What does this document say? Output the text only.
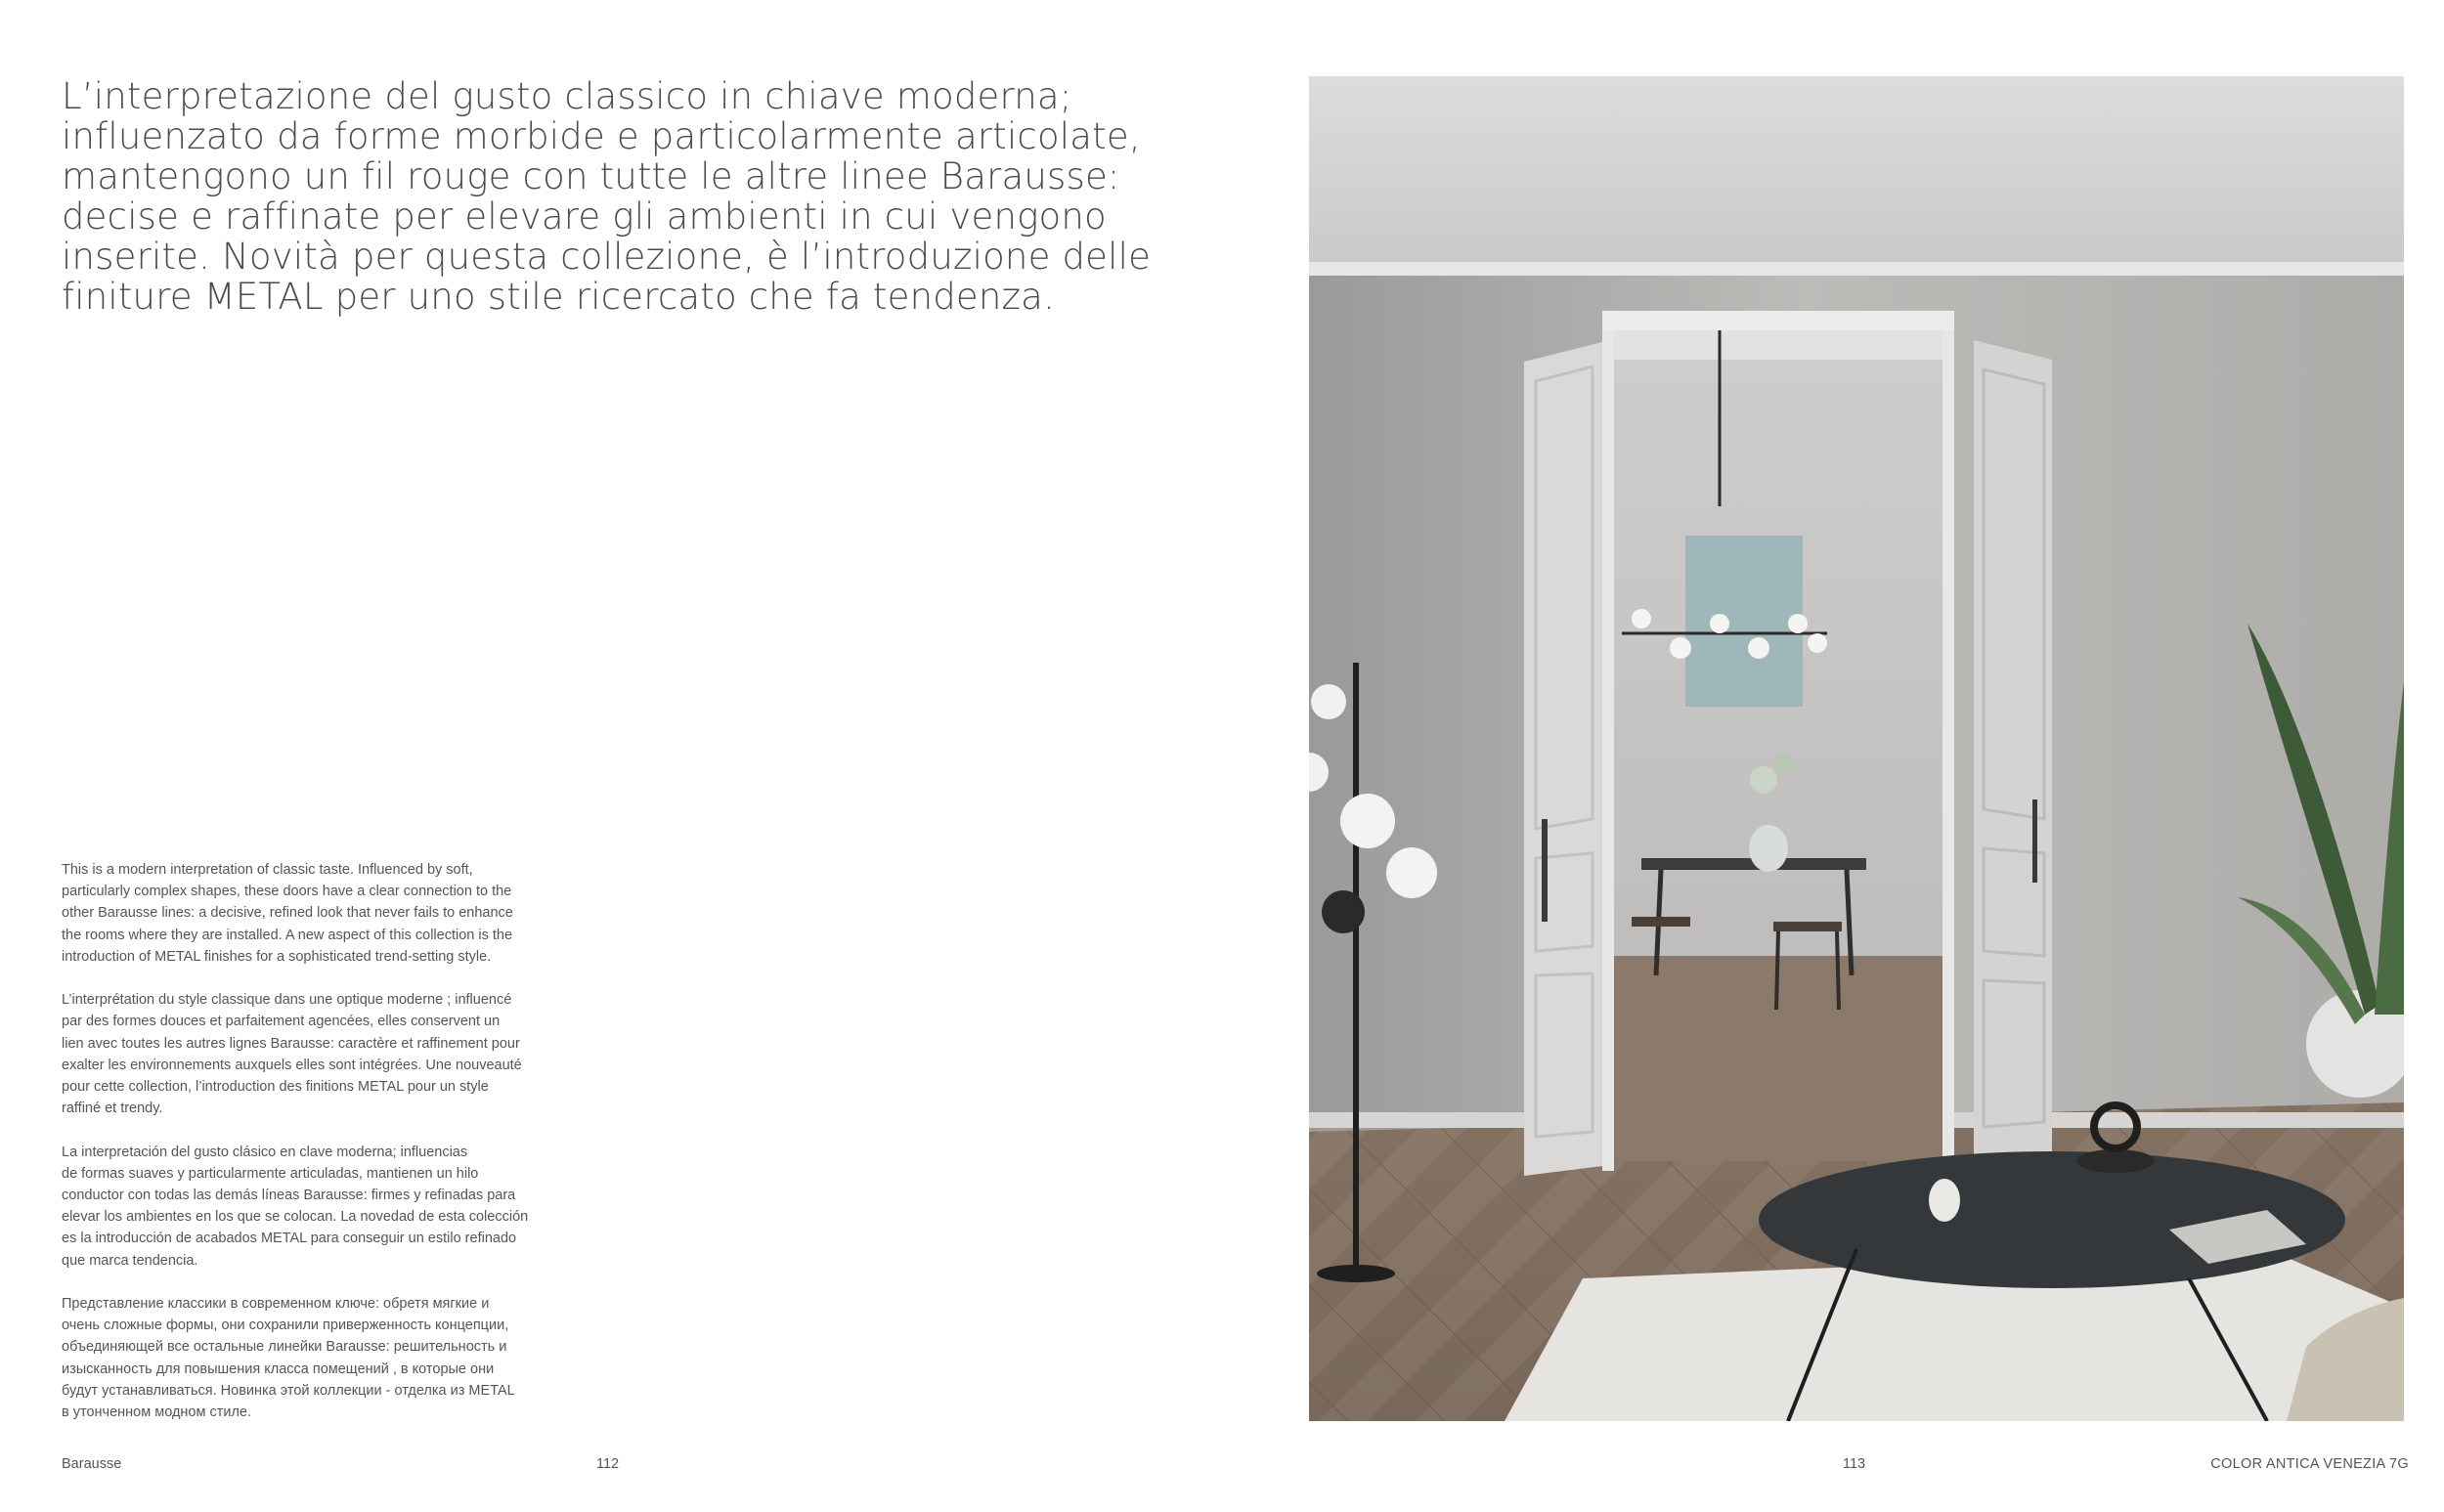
L’interpretazione del gusto classico in chiave moderna;
influenzato da forme morbide e particolarmente articolate,
mantengono un fil rouge con tutte le altre linee Barausse:
decise e raffinate per elevare gli ambienti in cui vengono
inserite. Novità per questa collezione, è l’introduzione delle
finiture METAL per uno stile ricercato che fa tendenza.

This is a modern interpretation of classic taste. Influenced by soft,
particularly complex shapes, these doors have a clear connection to the
other Barausse lines: a decisive, refined look that never fails to enhance
the rooms where they are installed. A new aspect of this collection is the
introduction of METAL finishes for a sophisticated trend-setting style.

L’interprétation du style classique dans une optique moderne ; influencé
par des formes douces et parfaitement agencées, elles conservent un
lien avec toutes les autres lignes Barausse: caractère et raffinement pour
exalter les environnements auxquels elles sont intégrées. Une nouveauté
pour cette collection, l’introduction des finitions METAL pour un style
raffiné et trendy.

La interpretación del gusto clásico en clave moderna; influencias
de formas suaves y particularmente articuladas, mantienen un hilo
conductor con todas las demás líneas Barausse: firmes y refinadas para
elevar los ambientes en los que se colocan. La novedad de esta colección
es la introducción de acabados METAL para conseguir un estilo refinado
que marca tendencia.

Представление классики в современном ключе: обретя мягкие и
очень сложные формы, они сохранили приверженность концепции,
объединяющей все остальные линейки Barausse: решительность и
изысканность для повышения класса помещений , в которые они
будут устанавливаться. Новинка этой коллекции - отделка из METAL
в утонченном модном стиле.

Barausse	112	113	COLOR ANTICA VENEZIA 7G
